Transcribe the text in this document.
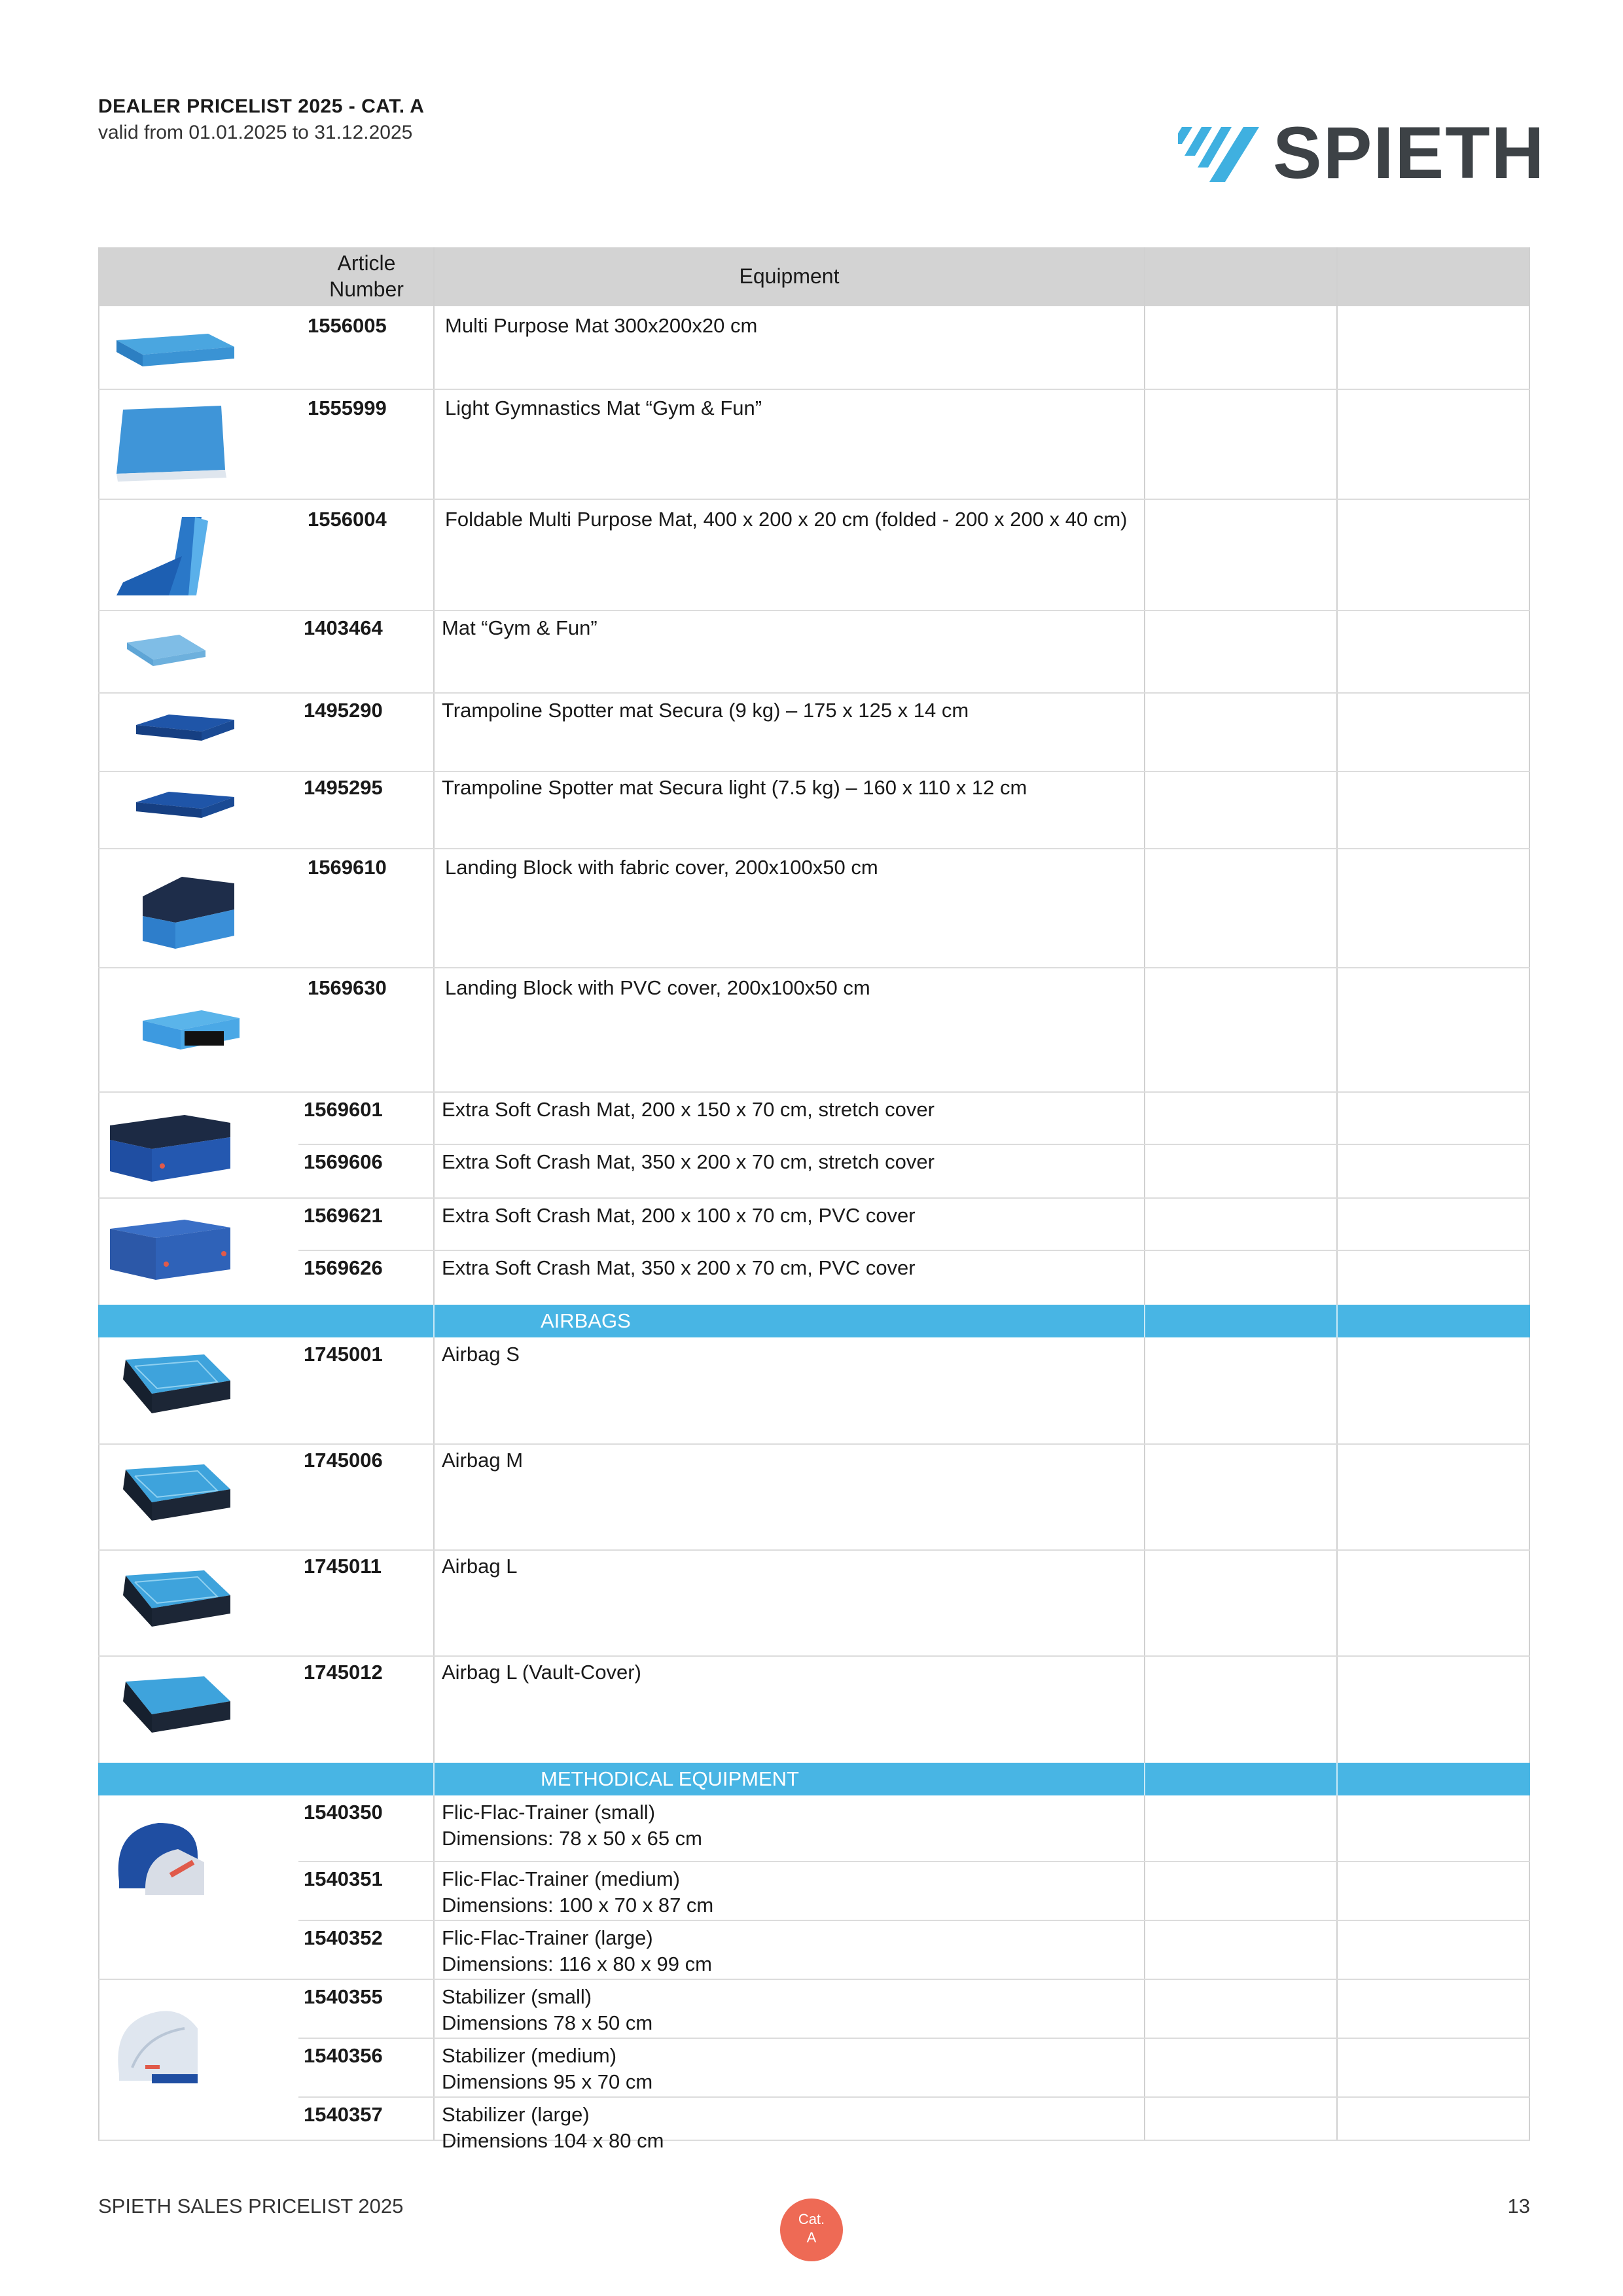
DEALER PRICELIST 2025 - CAT. A
valid from 01.01.2025 to 31.12.2025	SPIETH
Article
Number
Equipment
1556005	Multi Purpose Mat 300x200x20 cm
1555999	Light Gymnastics Mat “Gym & Fun”
1556004	Foldable Multi Purpose Mat, 400 x 200 x 20 cm (folded - 200 x 200 x 40 cm)
1403464	Mat “Gym & Fun”
1495290	Trampoline Spotter mat Secura (9 kg) – 175 x 125 x 14 cm
1495295	Trampoline Spotter mat Secura light (7.5 kg) – 160 x 110 x 12 cm
1569610	Landing Block with fabric cover, 200x100x50 cm
1569630	Landing Block with PVC cover, 200x100x50 cm
1569601	Extra Soft Crash Mat, 200 x 150 x 70 cm, stretch cover
1569606	Extra Soft Crash Mat, 350 x 200 x 70 cm, stretch cover
1569621	Extra Soft Crash Mat, 200 x 100 x 70 cm, PVC cover
1569626	Extra Soft Crash Mat, 350 x 200 x 70 cm, PVC cover
AIRBAGS
1745001	Airbag S
1745006	Airbag M
1745011	Airbag L
1745012	Airbag L (Vault-Cover)
METHODICAL EQUIPMENT
1540350	Flic-Flac-Trainer (small)
Dimensions: 78 x 50 x 65 cm
1540351	Flic-Flac-Trainer (medium)
Dimensions: 100 x 70 x 87 cm
1540352	Flic-Flac-Trainer (large)
Dimensions: 116 x 80 x 99 cm
1540355	Stabilizer (small)
Dimensions 78 x 50 cm
1540356	Stabilizer (medium)
Dimensions 95 x 70 cm
1540357	Stabilizer (large)
Dimensions 104 x 80 cm
SPIETH SALES PRICELIST 2025
Cat.
A
13
